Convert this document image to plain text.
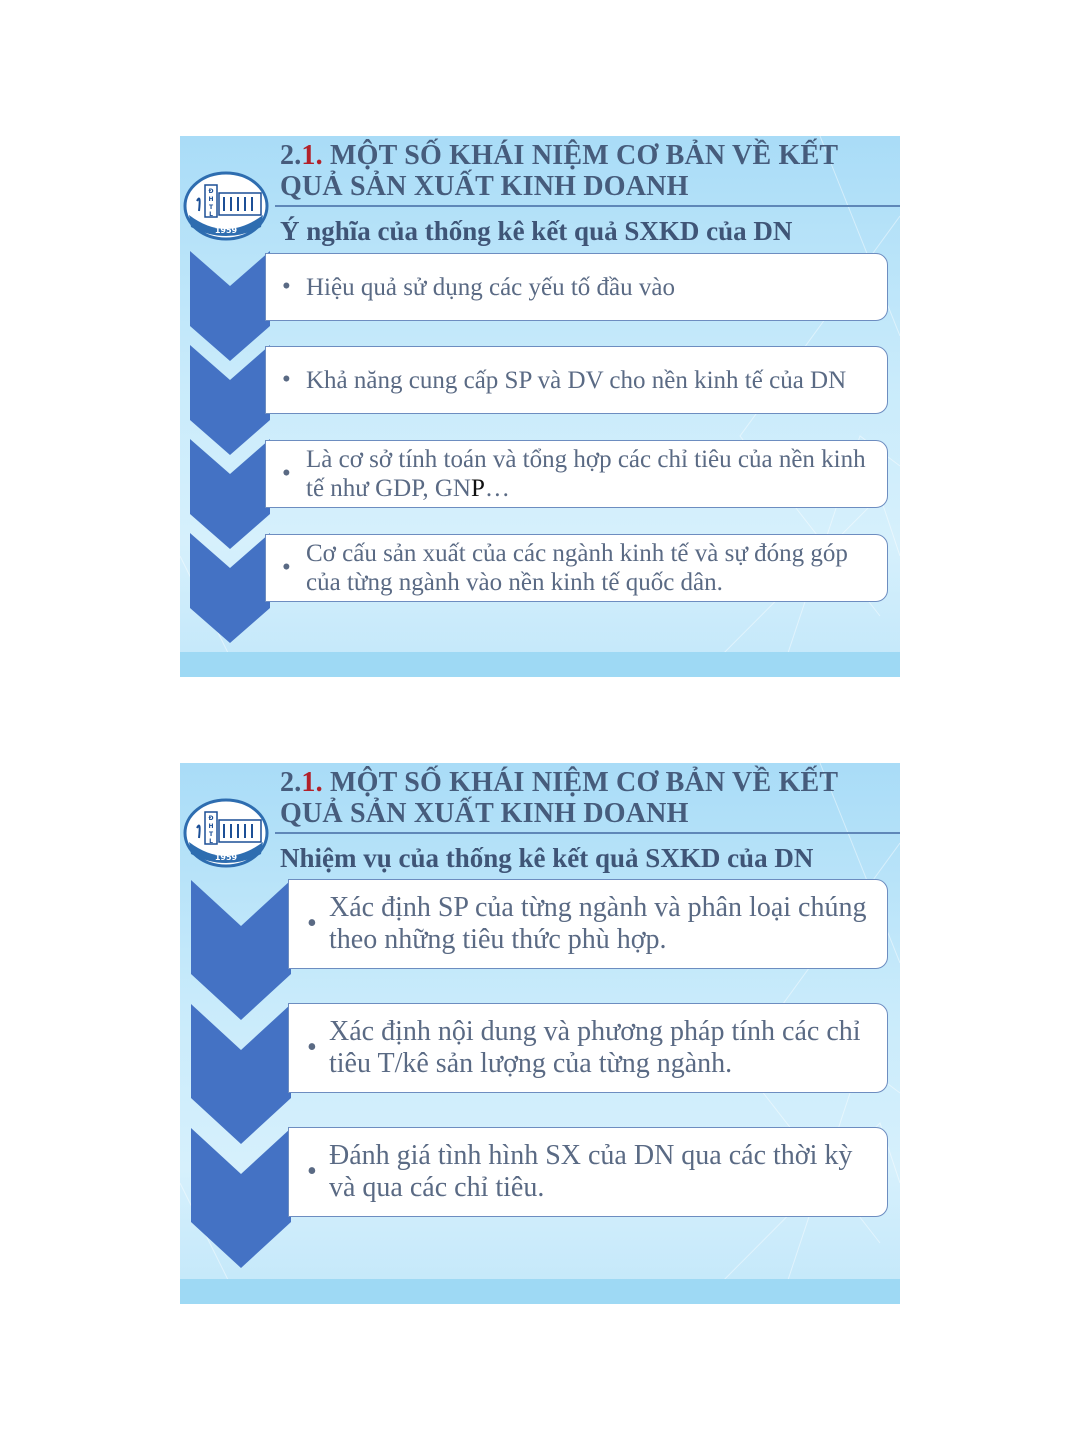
2.1. MỘT SỐ KHÁI NIỆM CƠ BẢN VỀ KẾT QUẢ SẢN XUẤT KINH DOANH
Đ
H
T
L
1959 Ý nghĩa của thống kê kết quả SXKD của DN
• Hiệu quả sử dụng các yếu tố đầu vào
• Khả năng cung cấp SP và DV cho nền kinh tế của DN
•
Là cơ sở tính toán và tổng hợp các chỉ tiêu của nền kinh tế như GDP, GNP…
•
Cơ cấu sản xuất của các ngành kinh tế và sự đóng góp của từng ngành vào nền kinh tế quốc dân.
2.1. MỘT SỐ KHÁI NIỆM CƠ BẢN VỀ KẾT QUẢ SẢN XUẤT KINH DOANH
Đ
H
T
L
1959 Nhiệm vụ của thống kê kết quả SXKD của DN
•
Xác định SP của từng ngành và phân loại chúng theo những tiêu thức phù hợp.
•
Xác định nội dung và phương pháp tính các chỉ tiêu T/kê sản lượng của từng ngành.
•
Đánh giá tình hình SX của DN qua các thời kỳ và qua các chỉ tiêu.
